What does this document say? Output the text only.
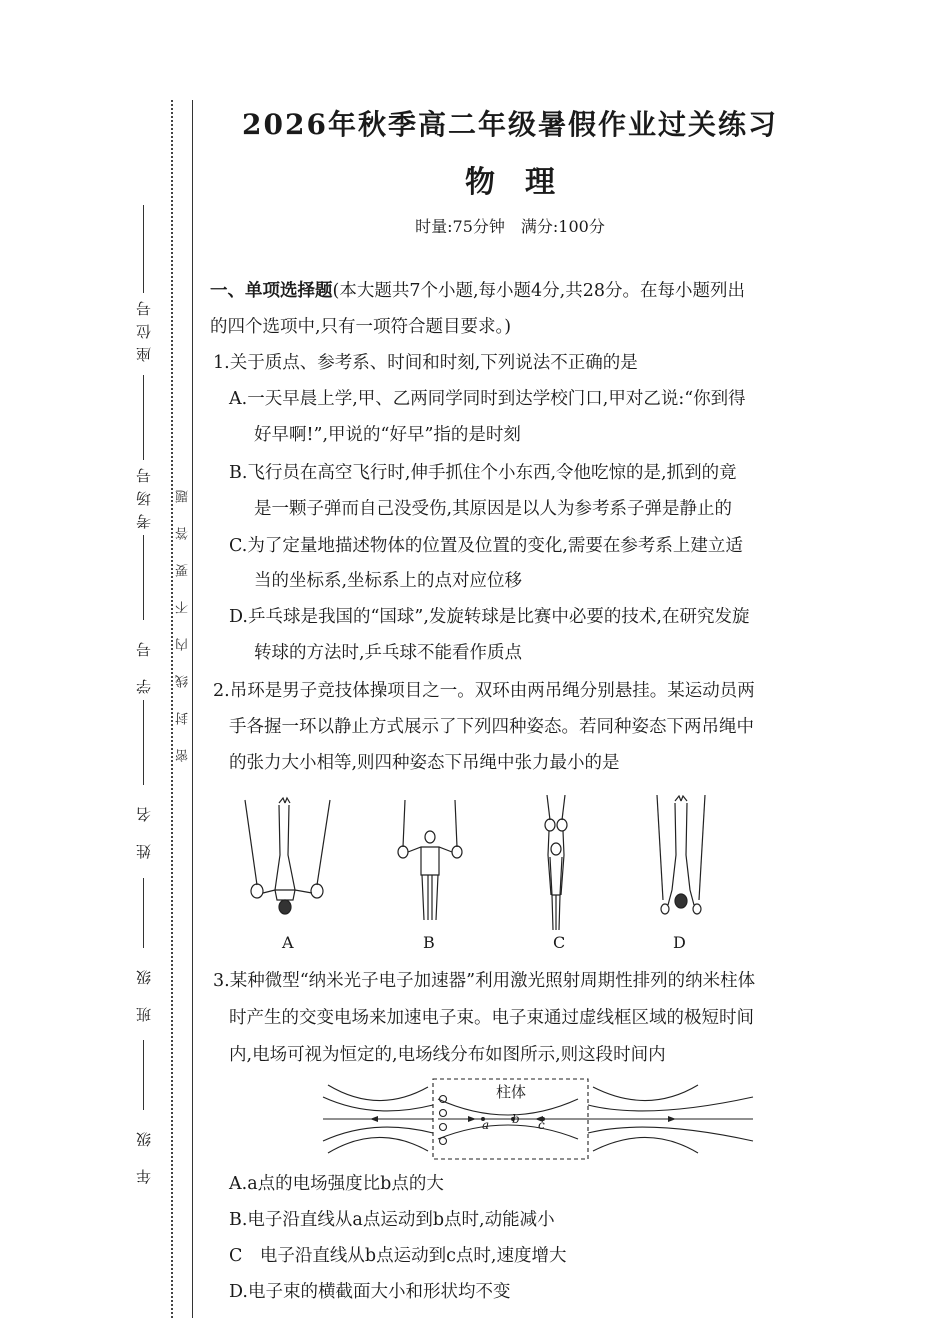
座位号
考场号
学号
姓名
班级
年级
题
答
要
不
内
线
封
密
2026年秋季高二年级暑假作业过关练习
物理
时量:75分钟　满分:100分
一、单项选择题(本大题共7个小题,每小题4分,共28分。在每小题列出
的四个选项中,只有一项符合题目要求。)
1.关于质点、参考系、时间和时刻,下列说法不正确的是
A.一天早晨上学,甲、乙两同学同时到达学校门口,甲对乙说:“你到得
好早啊!”,甲说的“好早”指的是时刻
B.飞行员在高空飞行时,伸手抓住个小东西,令他吃惊的是,抓到的竟
是一颗子弹而自己没受伤,其原因是以人为参考系子弹是静止的
C.为了定量地描述物体的位置及位置的变化,需要在参考系上建立适
当的坐标系,坐标系上的点对应位移
D.乒乓球是我国的“国球”,发旋转球是比赛中必要的技术,在研究发旋
转球的方法时,乒乓球不能看作质点
2.吊环是男子竞技体操项目之一。双环由两吊绳分别悬挂。某运动员两
手各握一环以静止方式展示了下列四种姿态。若同种姿态下两吊绳中
的张力大小相等,则四种姿态下吊绳中张力最小的是
A	B	C	D
3.某种微型“纳米光子电子加速器”利用激光照射周期性排列的纳米柱体
时产生的交变电场来加速电子束。电子束通过虚线框区域的极短时间
内,电场可视为恒定的,电场线分布如图所示,则这段时间内
柱体
a b c
A.a点的电场强度比b点的大
B.电子沿直线从a点运动到b点时,动能减小
C　电子沿直线从b点运动到c点时,速度增大
D.电子束的横截面大小和形状均不变
